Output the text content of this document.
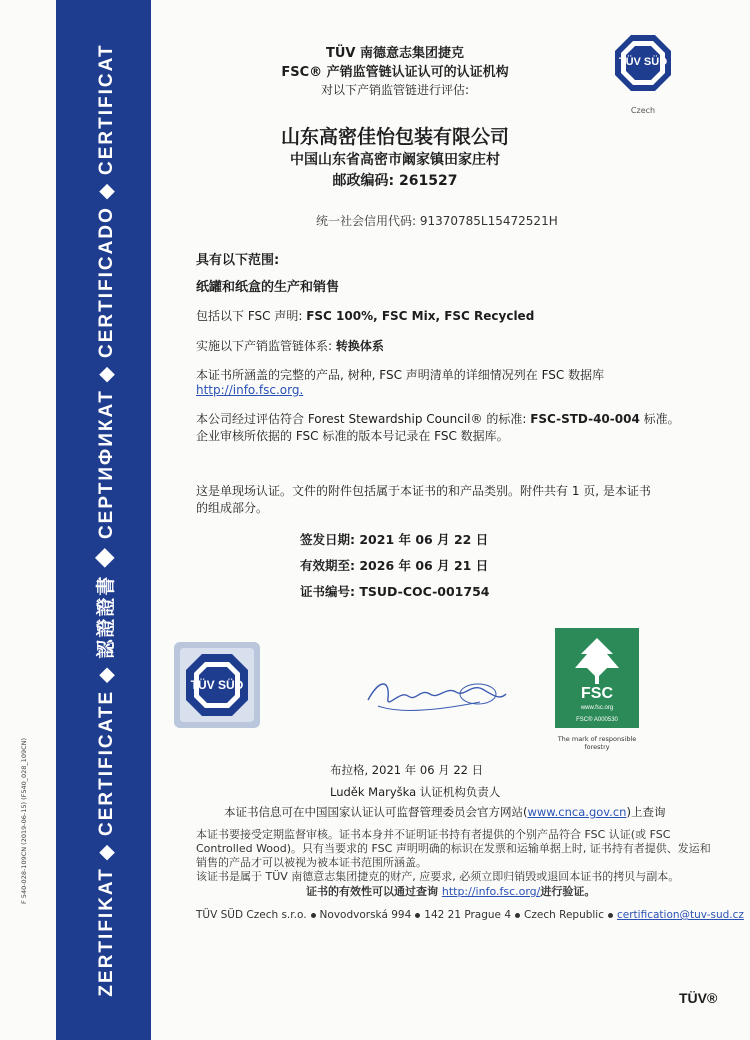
F 540-028-109CN (2019-06-15) (F540_028_109CN)	ZERTIFIKAT ◆ CERTIFICATE ◆ 認證證書 ◆ СЕРТИФИКАТ ◆ CERTIFICADO ◆ CERTIFICAT	TÜV 南德意志集团捷克
FSC® 产销监管链认证认可的认证机构
对以下产销监管链进行评估:
TÜV SÜD
Czech
山东高密佳怡包装有限公司
中国山东省高密市阚家镇田家庄村
邮政编码: 261527
统一社会信用代码: 91370785L15472521H
具有以下范围:
纸罐和纸盒的生产和销售
包括以下 FSC 声明: FSC 100%, FSC Mix, FSC Recycled
实施以下产销监管链体系: 转换体系
本证书所涵盖的完整的产品, 树种, FSC 声明清单的详细情况列在 FSC 数据库
http://info.fsc.org.
本公司经过评估符合 Forest Stewardship Council® 的标准: FSC-STD-40-004 标准。
企业审核所依据的 FSC 标准的版本号记录在 FSC 数据库。
这是单现场认证。文件的附件包括属于本证书的和产品类别。附件共有 1 页, 是本证书
的组成部分。
签发日期: 2021 年 06 月 22 日
有效期至: 2026 年 06 月 21 日
证书编号: TSUD-COC-001754
TÜV SÜD	FSC
www.fsc.org
FSC® A000530
The mark of responsible forestry
布拉格, 2021 年 06 月 22 日
Luděk Maryška 认证机构负责人
本证书信息可在中国国家认证认可监督管理委员会官方网站(www.cnca.gov.cn)上查询
本证书要接受定期监督审核。证书本身并不证明证书持有者提供的个别产品符合 FSC 认证(或 FSC
Controlled Wood)。只有当要求的 FSC 声明明确的标识在发票和运输单据上时, 证书持有者提供、发运和
销售的产品才可以被视为被本证书范围所涵盖。
该证书是属于 TÜV 南德意志集团捷克的财产, 应要求, 必须立即归销毁或退回本证书的拷贝与副本。
证书的有效性可以通过查询 http://info.fsc.org/进行验证。
TÜV SÜD Czech s.r.o. Novodvorská 994 142 21 Prague 4 Czech Republic certification@tuv-sud.cz
TÜV®
